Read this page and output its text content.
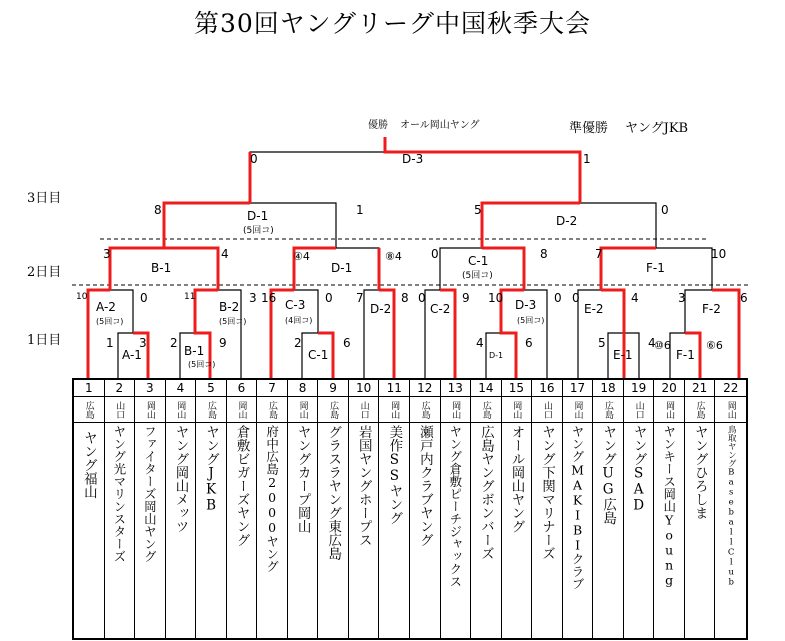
第30回ヤングリーグ中国秋季大会
優勝 オール岡山ヤング	準優勝 ヤングJKB
3日目
2日目
1日目
A-1	B-1
(5回コ)
C-1	D-1	E-1	F-1
A-2
(5回コ)
B-2
(5回コ)
C-3
(4回コ)
D-2	C-2	D-3
(5回コ)
E-2	F-2
B-1	D-1	C-1
(5回コ)
F-1
D-1
(5回コ)
D-2
D-3
1 3 2	9	2	6	4	6	5	4
⑩6	⑥6
10	0	11	3 16	0 7	8 0	9 10	0 0	4	3	6
3	4	④4	⑧4 0	8	7	10
8	1	5	0
0	1
1
広島
ヤング福山
2
山口
ヤング光マリンスターズ
3
岡山
ファイターズ岡山ヤング
4
岡山
ヤング岡山メッツ
5
広島
ヤングJKB
6
岡山
倉敷ビガーズヤング
7
広島
府中広島2000ヤング
8
岡山
ヤングカープ岡山
9
広島
グラスラヤング東広島
10
山口
岩国ヤングホープス
11
岡山
美作SSヤング
12
広島
瀬戸内クラブヤング
13
岡山
ヤング倉敷ピーチジャックス
14
広島
広島ヤングボンバーズ
15
岡山
オール岡山ヤング
16
山口
ヤング下関マリナーズ
17
岡山
ヤングMAKIBIクラブ
18
広島
ヤングUG広島
19
山口
ヤングSAD
20
岡山
ヤンキース岡山Young
21
広島
ヤングひろしま
22
岡山
鳥取ヤングBaseballClub
